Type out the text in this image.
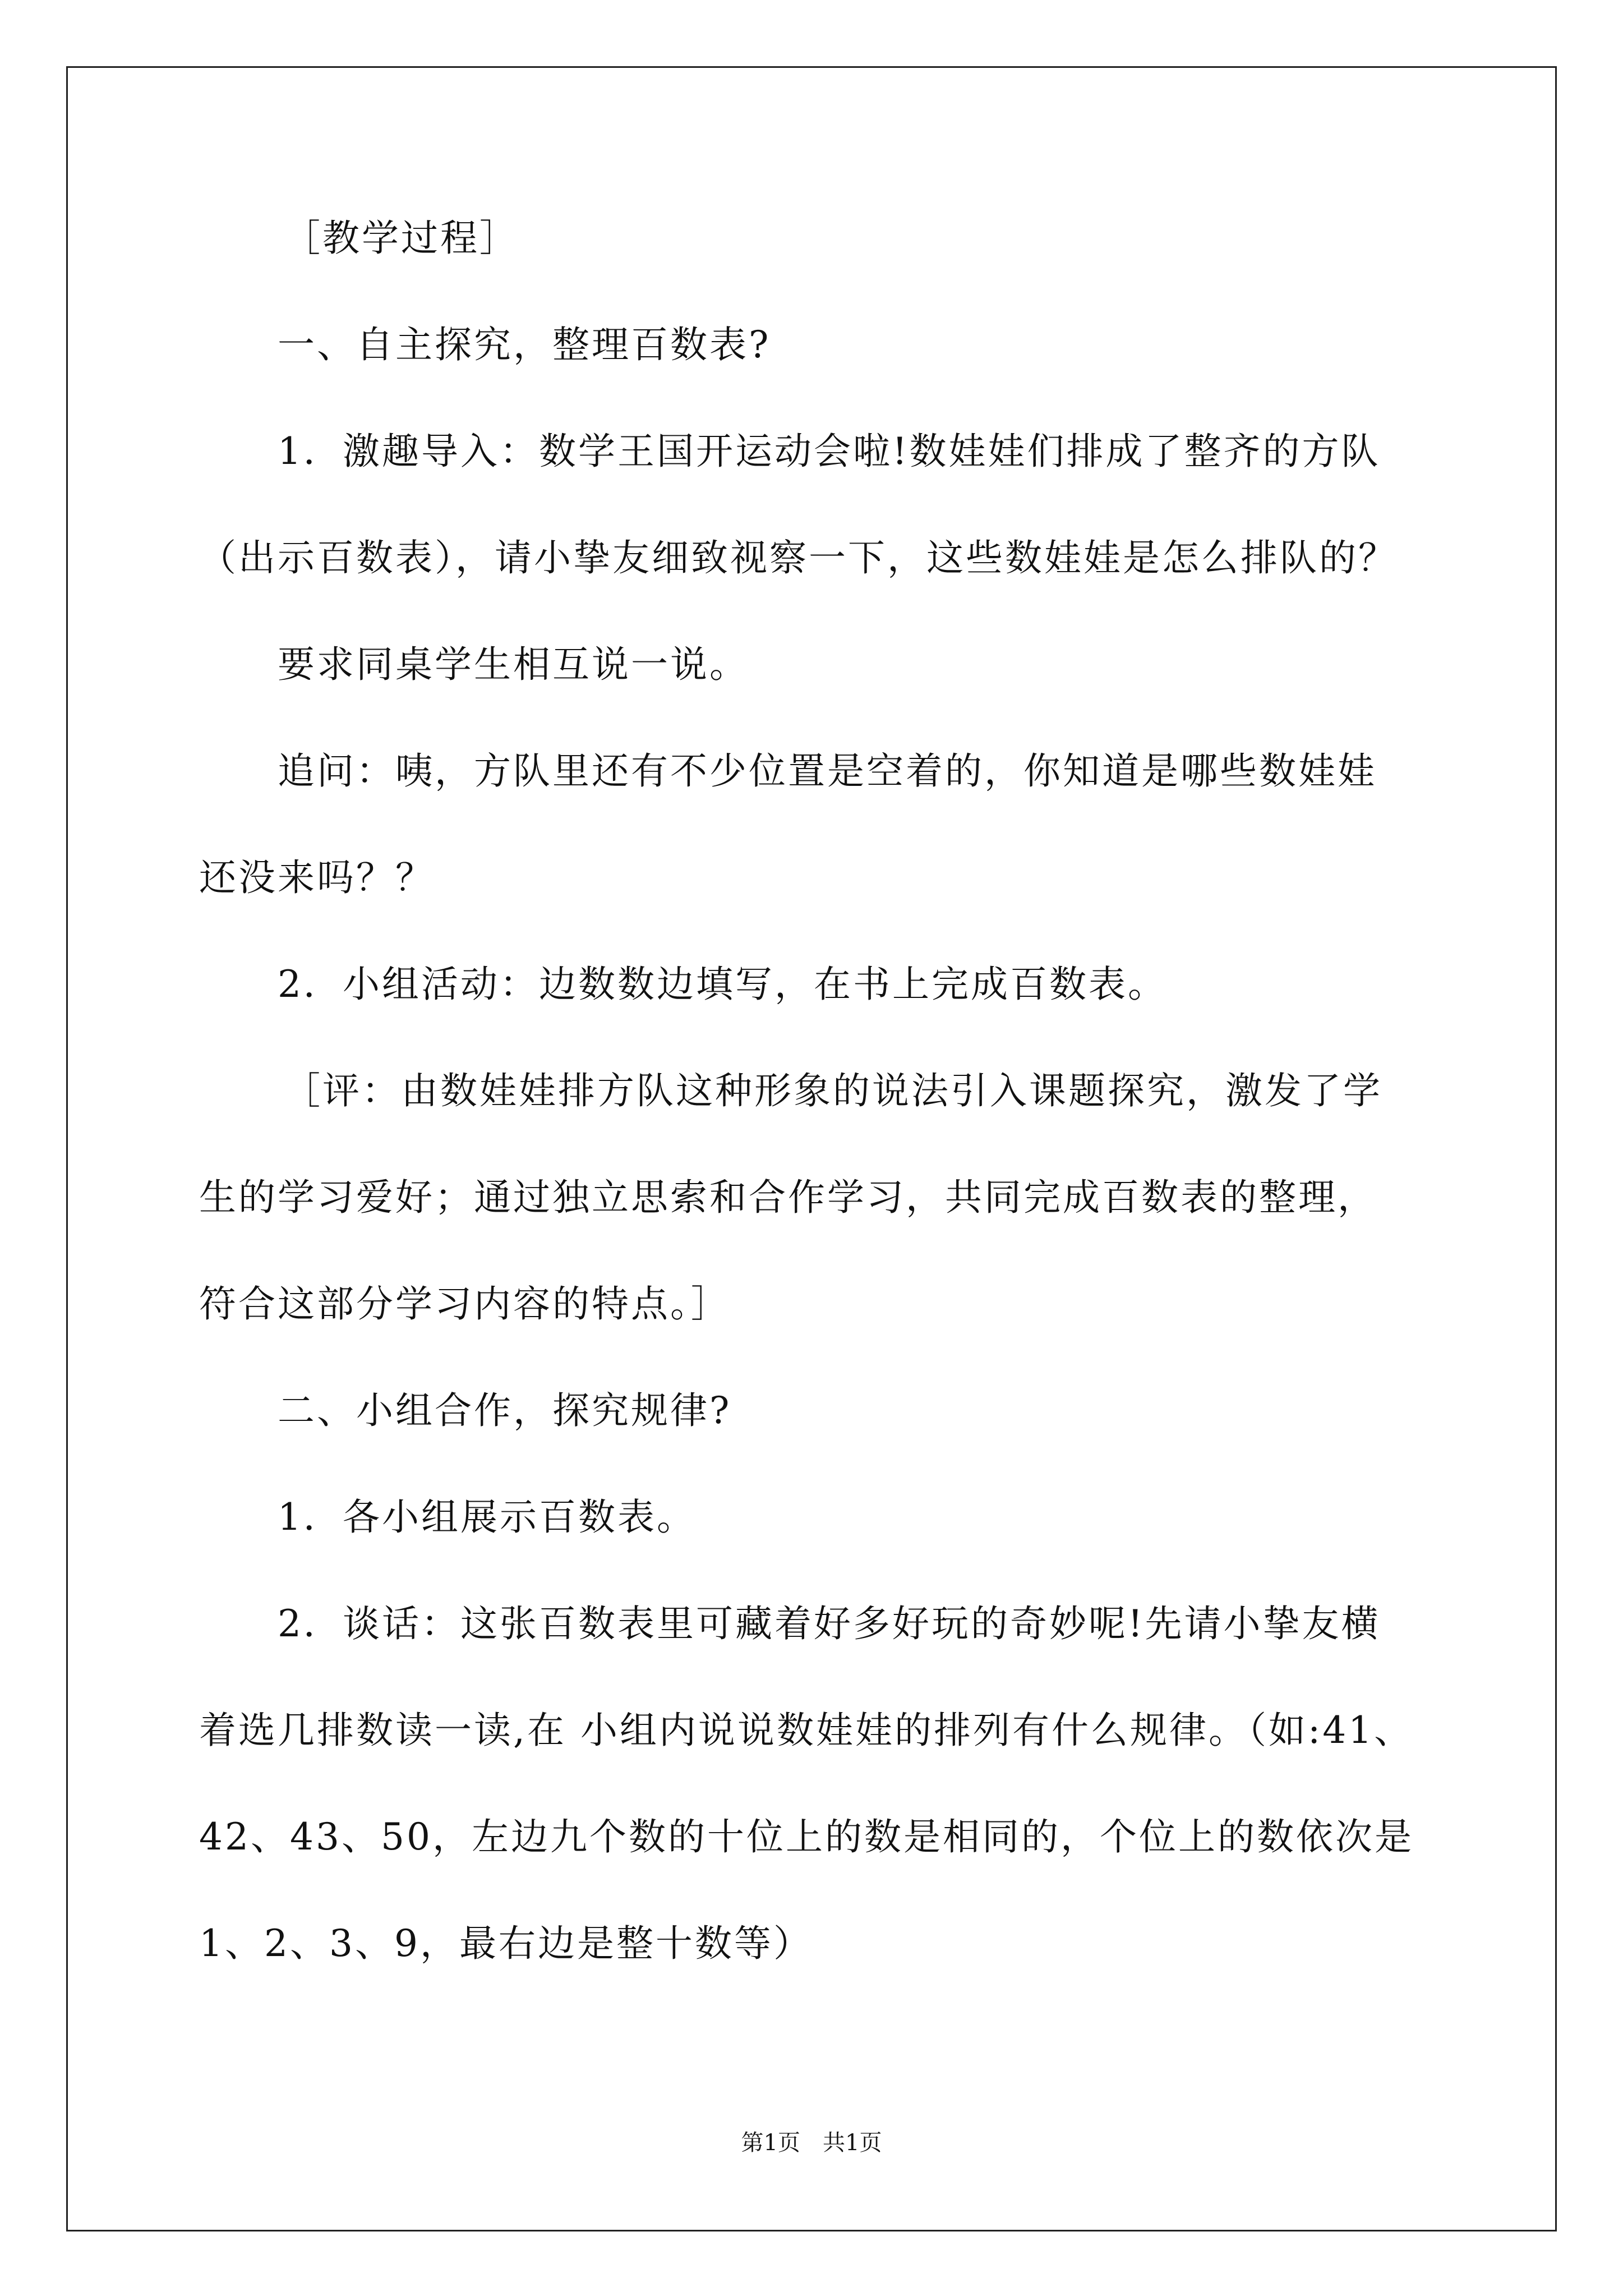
［教学过程］
一、自主探究，整理百数表?
1．激趣导入：数学王国开运动会啦!数娃娃们排成了整齐的方队
（出示百数表），请小挚友细致视察一下，这些数娃娃是怎么排队的？
要求同桌学生相互说一说。
追问：咦，方队里还有不少位置是空着的，你知道是哪些数娃娃
还没来吗？？
2．小组活动：边数数边填写，在书上完成百数表。
［评：由数娃娃排方队这种形象的说法引入课题探究，激发了学
生的学习爱好；通过独立思索和合作学习，共同完成百数表的整理，
符合这部分学习内容的特点。］
二、小组合作，探究规律?
1．各小组展示百数表。
2．谈话：这张百数表里可藏着好多好玩的奇妙呢!先请小挚友横
着选几排数读一读,在 小组内说说数娃娃的排列有什么规律。（如:41、
42、43、50，左边九个数的十位上的数是相同的，个位上的数依次是
1、2、3、9，最右边是整十数等）
第1页　共1页
